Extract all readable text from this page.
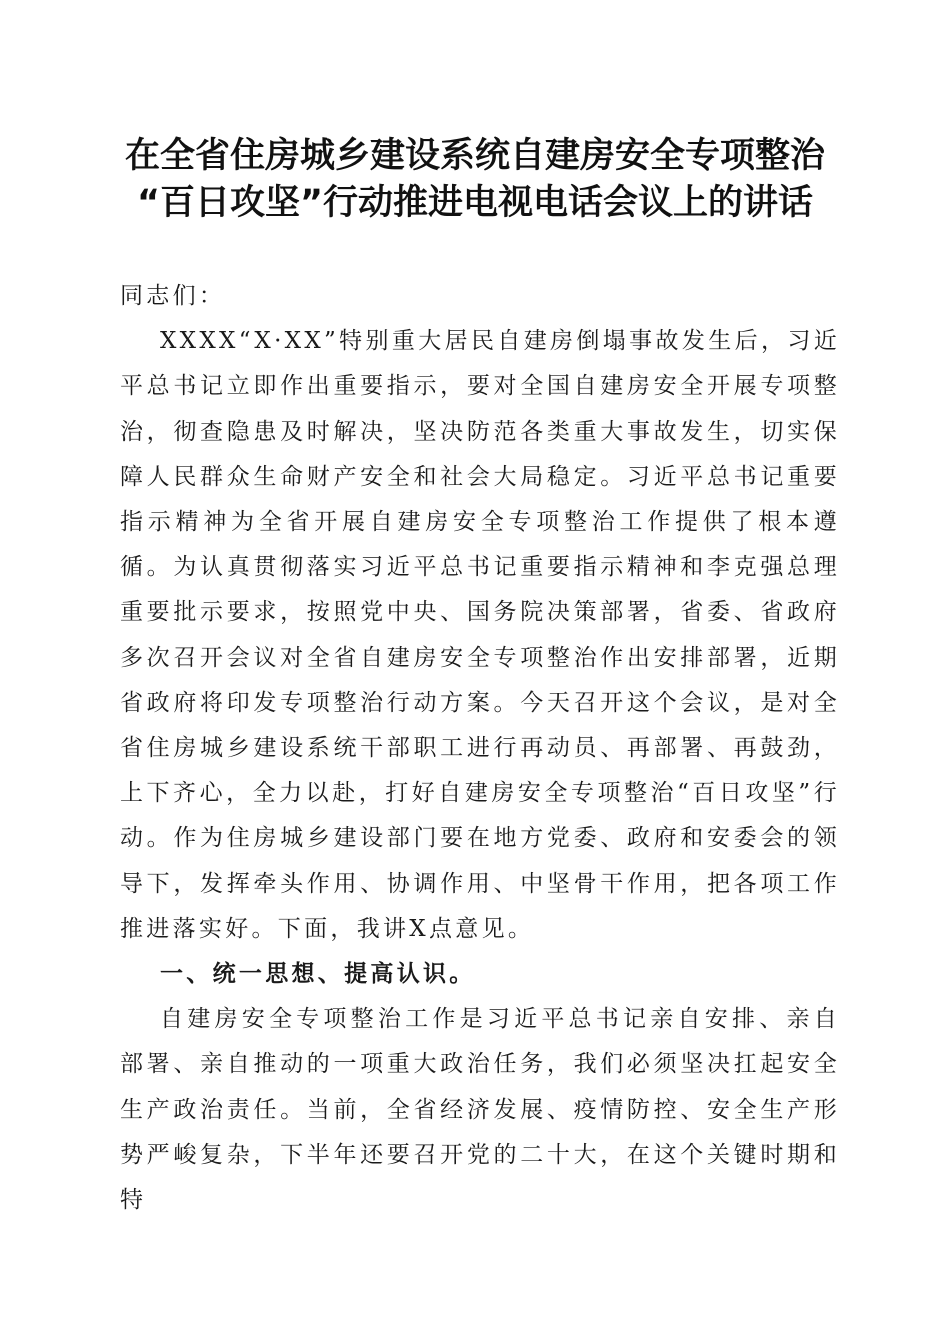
在全省住房城乡建设系统自建房安全专项整治
“百日攻坚”行动推进电视电话会议上的讲话

同志们：

XXXX“X·XX”特别重大居民自建房倒塌事故发生后，习近平总书记立即作出重要指示，要对全国自建房安全开展专项整治，彻查隐患及时解决，坚决防范各类重大事故发生，切实保障人民群众生命财产安全和社会大局稳定。习近平总书记重要指示精神为全省开展自建房安全专项整治工作提供了根本遵循。为认真贯彻落实习近平总书记重要指示精神和李克强总理重要批示要求，按照党中央、国务院决策部署，省委、省政府多次召开会议对全省自建房安全专项整治作出安排部署，近期省政府将印发专项整治行动方案。今天召开这个会议，是对全省住房城乡建设系统干部职工进行再动员、再部署、再鼓劲，上下齐心，全力以赴，打好自建房安全专项整治“百日攻坚”行动。作为住房城乡建设部门要在地方党委、政府和安委会的领导下，发挥牵头作用、协调作用、中坚骨干作用，把各项工作推进落实好。下面，我讲X点意见。

一、统一思想、提高认识。

自建房安全专项整治工作是习近平总书记亲自安排、亲自部署、亲自推动的一项重大政治任务，我们必须坚决扛起安全生产政治责任。当前，全省经济发展、疫情防控、安全生产形势严峻复杂，下半年还要召开党的二十大，在这个关键时期和特
